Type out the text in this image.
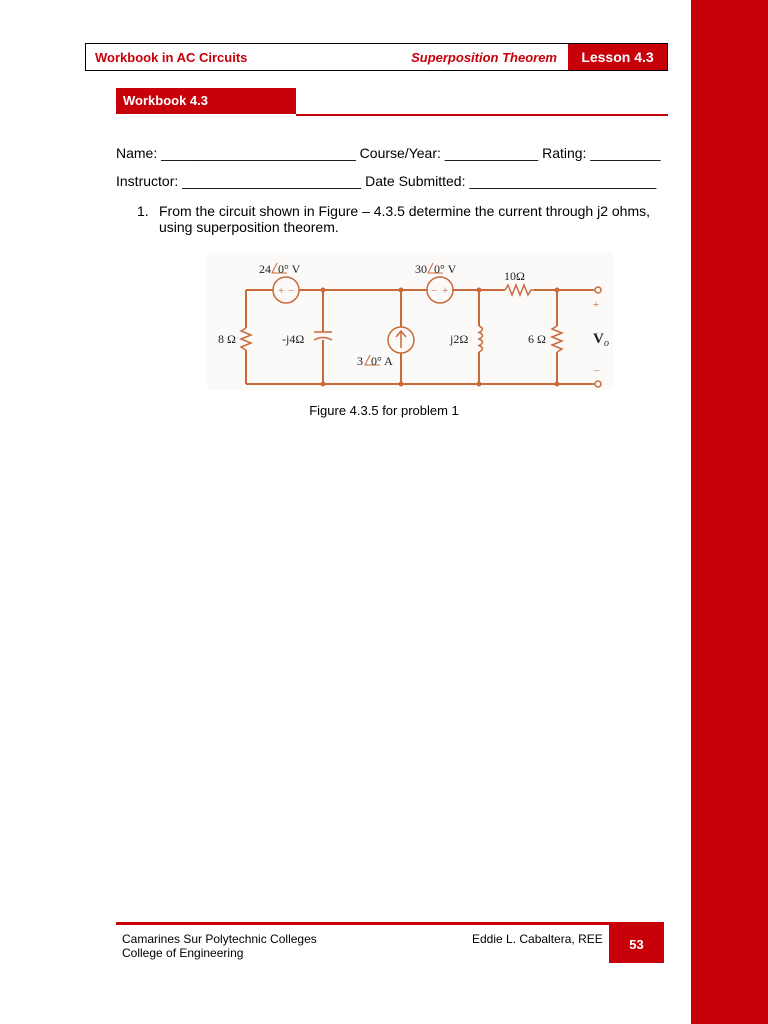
Workbook in AC Circuits	Superposition Theorem	Lesson 4.3
Workbook 4.3
Name: _________________________ Course/Year: ____________ Rating: _________
Instructor: _______________________ Date Submitted: ________________________
1. From the circuit shown in Figure – 4.3.5 determine the current through j2 ohms, using superposition theorem.
+ −	− +
24 0° V	30 0° V	10Ω
8 Ω	-j4Ω	j2Ω	6 Ω
3 0° A
+
–
V o
Figure 4.3.5 for problem 1
Camarines Sur Polytechnic Colleges
College of Engineering
Eddie L. Cabaltera, REE	53
